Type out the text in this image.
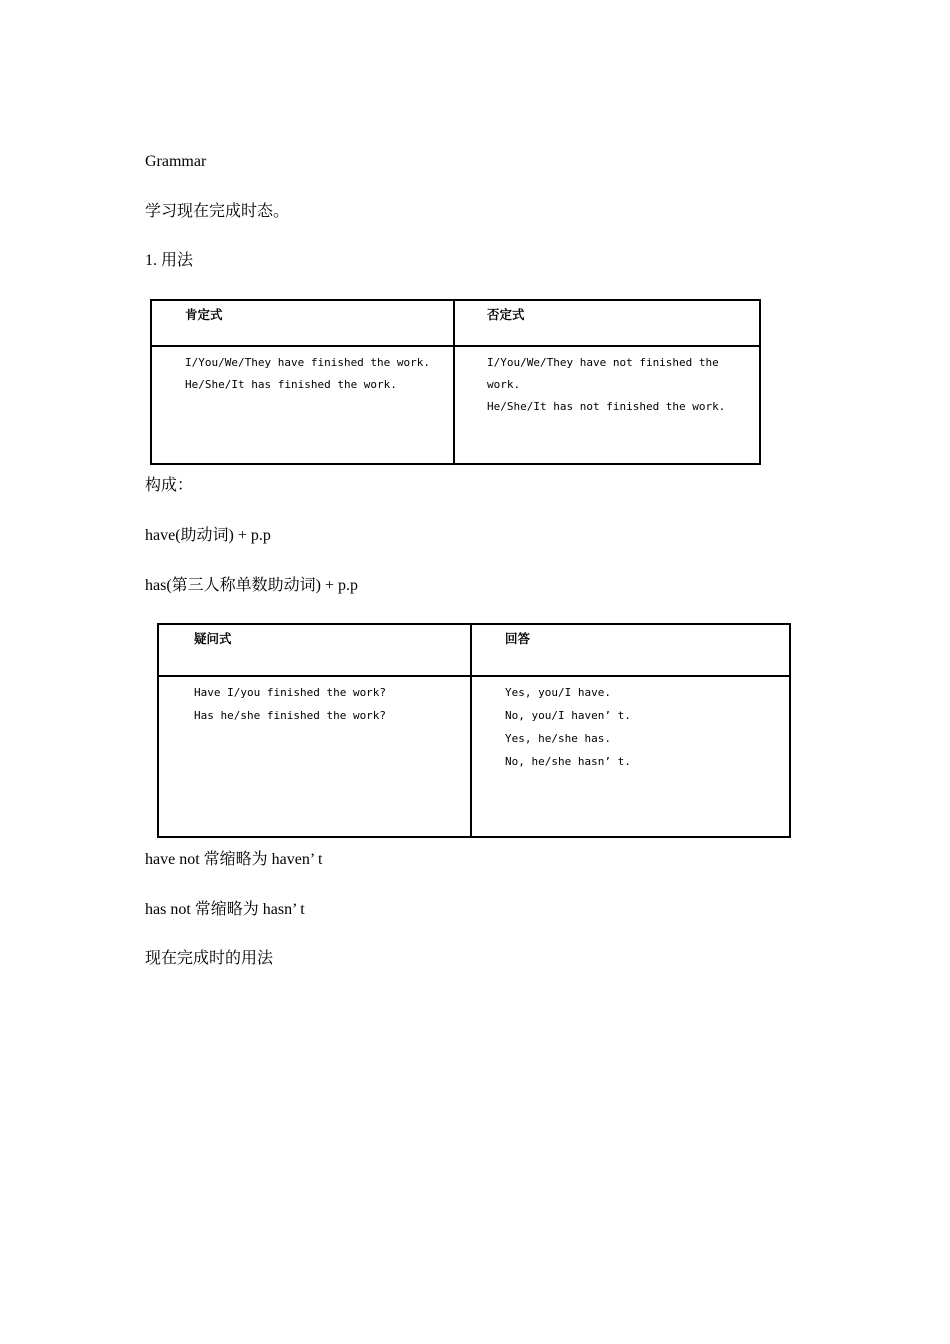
Grammar
学习现在完成时态。
1. 用法
肯定式	否定式
I/You/We/They have finished the work.
He/She/It has finished the work.
I/You/We/They have not finished the
work.
He/She/It has not finished the work.
构成：
have(助动词) + p.p
has(第三人称单数助动词) + p.p
疑问式	回答
Have I/you finished the work?
Has he/she finished the work?
Yes, you/I have.
No, you/I haven’ t.
Yes, he/she has.
No, he/she hasn’ t.
have not 常缩略为 haven’ t
has not 常缩略为 hasn’ t
现在完成时的用法
